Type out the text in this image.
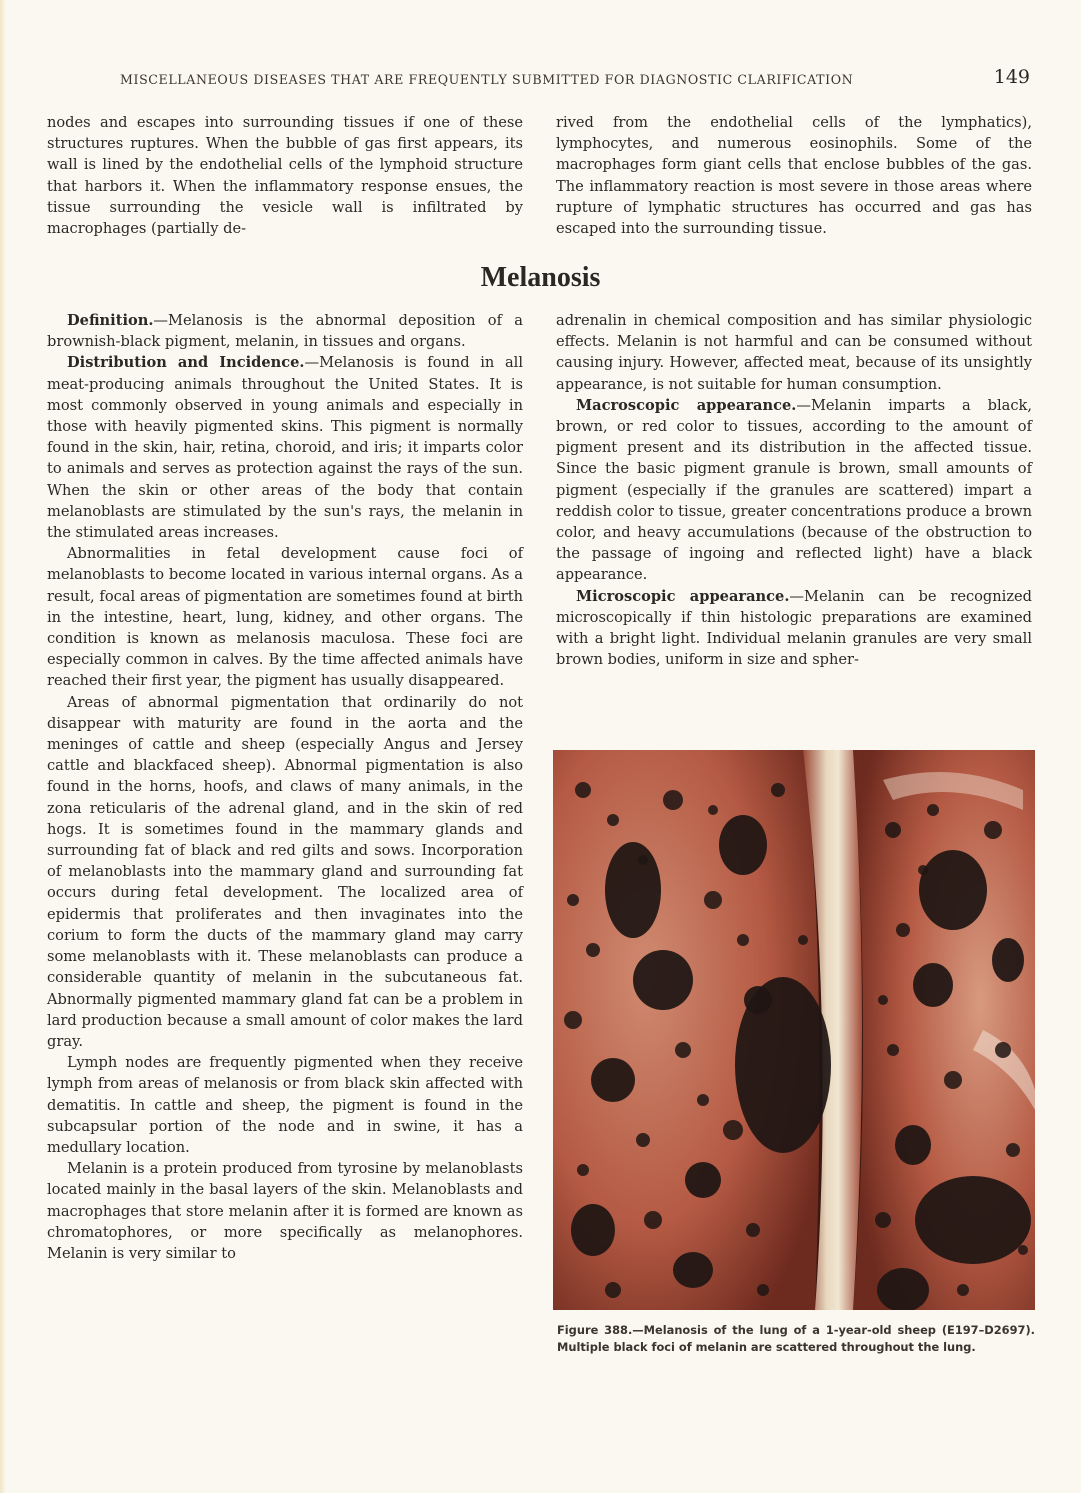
MISCELLANEOUS DISEASES THAT ARE FREQUENTLY SUBMITTED FOR DIAGNOSTIC CLARIFICATION	149

nodes and escapes into surrounding tissues if one of these structures ruptures. When the bubble of gas first appears, its wall is lined by the endothelial cells of the lymphoid structure that harbors it. When the inflammatory response ensues, the tissue surrounding the vesicle wall is infiltrated by macrophages (partially de-

rived from the endothelial cells of the lymphatics), lymphocytes, and numerous eosinophils. Some of the macrophages form giant cells that enclose bubbles of the gas. The inflammatory reaction is most severe in those areas where rupture of lymphatic structures has occurred and gas has escaped into the surrounding tissue.

Melanosis

Definition.—Melanosis is the abnormal deposition of a brownish-black pigment, melanin, in tissues and organs.

Distribution and Incidence.—Melanosis is found in all meat-producing animals throughout the United States. It is most commonly observed in young animals and especially in those with heavily pigmented skins. This pigment is normally found in the skin, hair, retina, choroid, and iris; it imparts color to animals and serves as protection against the rays of the sun. When the skin or other areas of the body that contain melanoblasts are stimulated by the sun's rays, the melanin in the stimulated areas increases.

Abnormalities in fetal development cause foci of melanoblasts to become located in various internal organs. As a result, focal areas of pigmentation are sometimes found at birth in the intestine, heart, lung, kidney, and other organs. The condition is known as melanosis maculosa. These foci are especially common in calves. By the time affected animals have reached their first year, the pigment has usually disappeared.

Areas of abnormal pigmentation that ordinarily do not disappear with maturity are found in the aorta and the meninges of cattle and sheep (especially Angus and Jersey cattle and blackfaced sheep). Abnormal pigmentation is also found in the horns, hoofs, and claws of many animals, in the zona reticularis of the adrenal gland, and in the skin of red hogs. It is sometimes found in the mammary glands and surrounding fat of black and red gilts and sows. Incorporation of melanoblasts into the mammary gland and surrounding fat occurs during fetal development. The localized area of epidermis that proliferates and then invaginates into the corium to form the ducts of the mammary gland may carry some melanoblasts with it. These melanoblasts can produce a considerable quantity of melanin in the subcutaneous fat. Abnormally pigmented mammary gland fat can be a problem in lard production because a small amount of color makes the lard gray.

Lymph nodes are frequently pigmented when they receive lymph from areas of melanosis or from black skin affected with dematitis. In cattle and sheep, the pigment is found in the subcapsular portion of the node and in swine, it has a medullary location.

Melanin is a protein produced from tyrosine by melanoblasts located mainly in the basal layers of the skin. Melanoblasts and macrophages that store melanin after it is formed are known as chromatophores, or more specifically as melanophores. Melanin is very similar to

adrenalin in chemical composition and has similar physiologic effects. Melanin is not harmful and can be consumed without causing injury. However, affected meat, because of its unsightly appearance, is not suitable for human consumption.

Macroscopic appearance.—Melanin imparts a black, brown, or red color to tissues, according to the amount of pigment present and its distribution in the affected tissue. Since the basic pigment granule is brown, small amounts of pigment (especially if the granules are scattered) impart a reddish color to tissue, greater concentrations produce a brown color, and heavy accumulations (because of the obstruction to the passage of ingoing and reflected light) have a black appearance.

Microscopic appearance.—Melanin can be recognized microscopically if thin histologic preparations are examined with a bright light. Individual melanin granules are very small brown bodies, uniform in size and spher-

Figure 388.—Melanosis of the lung of a 1-year-old sheep (E197–D2697). Multiple black foci of melanin are scattered throughout the lung.
